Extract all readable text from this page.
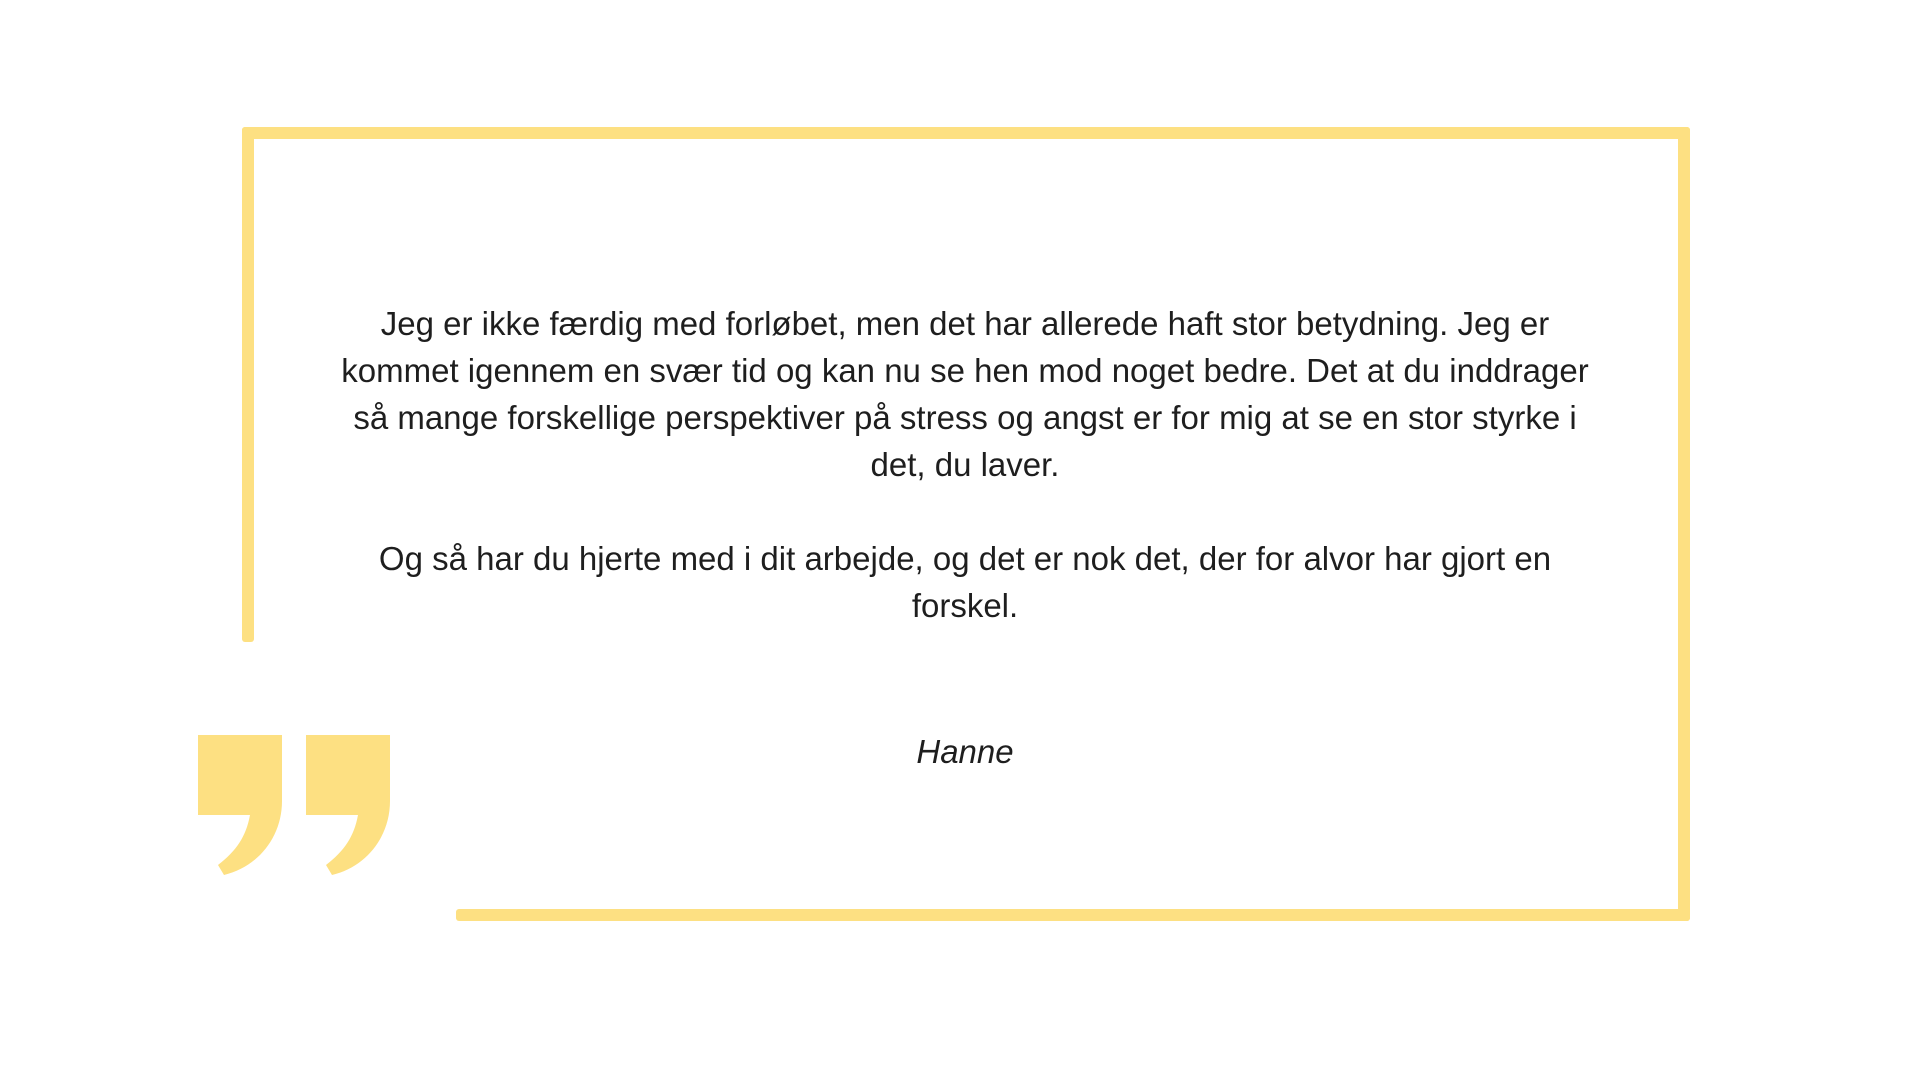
Jeg er ikke færdig med forløbet, men det har allerede haft stor betydning. Jeg er kommet igennem en svær tid og kan nu se hen mod noget bedre. Det at du inddrager så mange forskellige perspektiver på stress og angst er for mig at se en stor styrke i det, du laver.

Og så har du hjerte med i dit arbejde, og det er nok det, der for alvor har gjort en forskel.

Hanne
